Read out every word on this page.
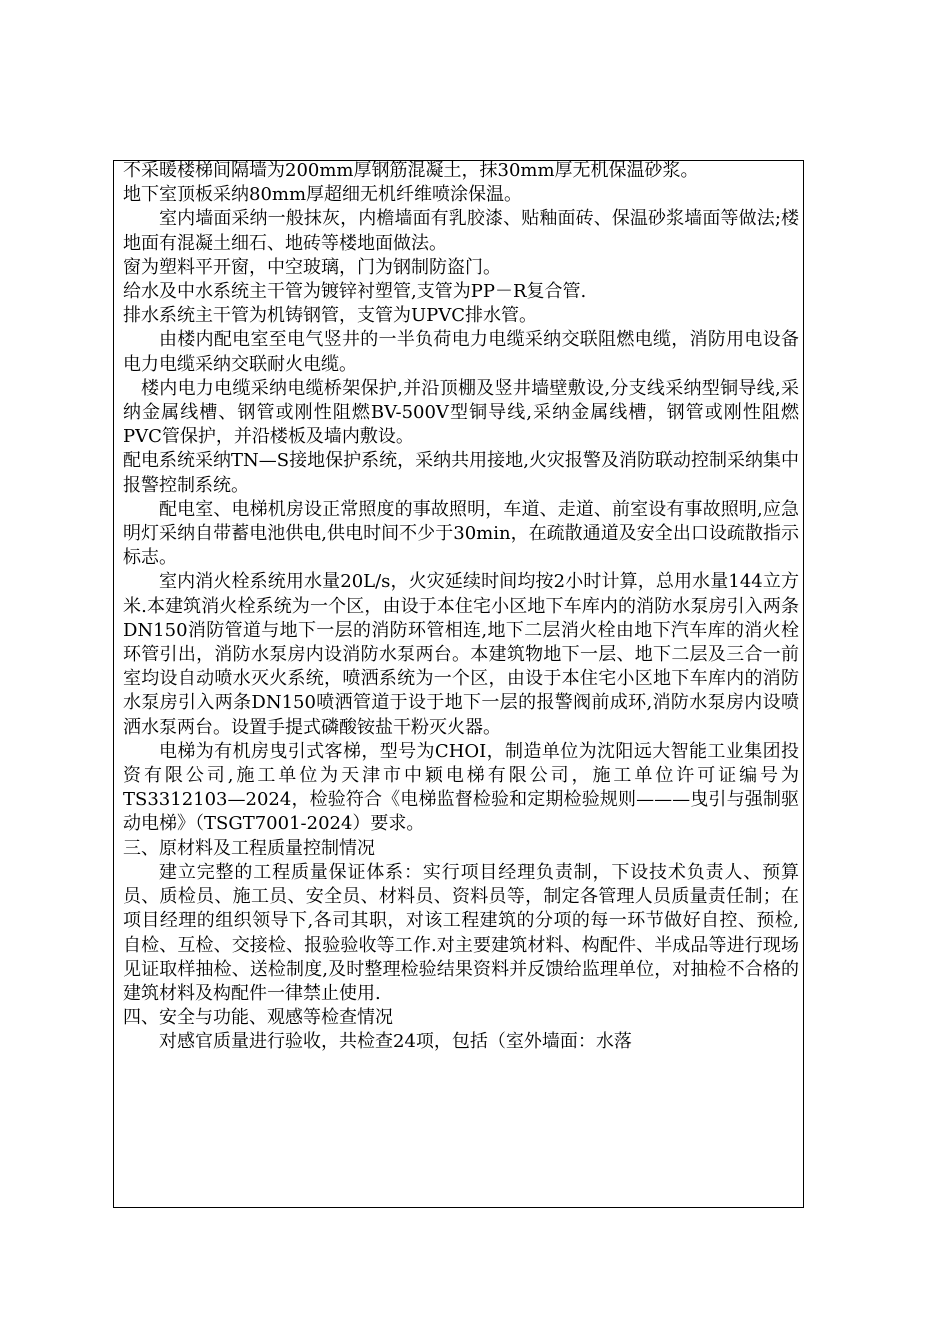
不采暖楼梯间隔墙为200mm厚钢筋混凝土，抹30mm厚无机保温砂浆。

地下室顶板采纳80mm厚超细无机纤维喷涂保温。

室内墙面采纳一般抹灰，内檐墙面有乳胶漆、贴釉面砖、保温砂浆墙面等做法;楼地面有混凝土细石、地砖等楼地面做法。

窗为塑料平开窗，中空玻璃，门为钢制防盗门。

给水及中水系统主干管为镀锌衬塑管,支管为PP－R复合管.

排水系统主干管为机铸钢管，支管为UPVC排水管。

由楼内配电室至电气竖井的一半负荷电力电缆采纳交联阻燃电缆，消防用电设备电力电缆采纳交联耐火电缆。

楼内电力电缆采纳电缆桥架保护,并沿顶棚及竖井墙壁敷设,分支线采纳型铜导线,采纳金属线槽、钢管或刚性阻燃BV-500V型铜导线,采纳金属线槽，钢管或刚性阻燃PVC管保护，并沿楼板及墙内敷设。

配电系统采纳TN—S接地保护系统，采纳共用接地,火灾报警及消防联动控制采纳集中报警控制系统。

配电室、电梯机房设正常照度的事故照明，车道、走道、前室设有事故照明,应急明灯采纳自带蓄电池供电,供电时间不少于30min，在疏散通道及安全出口设疏散指示标志。

室内消火栓系统用水量20L/s，火灾延续时间均按2小时计算，总用水量144立方米.本建筑消火栓系统为一个区，由设于本住宅小区地下车库内的消防水泵房引入两条DN150消防管道与地下一层的消防环管相连,地下二层消火栓由地下汽车库的消火栓环管引出，消防水泵房内设消防水泵两台。本建筑物地下一层、地下二层及三合一前室均设自动喷水灭火系统，喷洒系统为一个区，由设于本住宅小区地下车库内的消防水泵房引入两条DN150喷洒管道于设于地下一层的报警阀前成环,消防水泵房内设喷洒水泵两台。设置手提式磷酸铵盐干粉灭火器。

电梯为有机房曳引式客梯，型号为CHOI，制造单位为沈阳远大智能工业集团投资有限公司,施工单位为天津市中颖电梯有限公司，施工单位许可证编号为TS3312103—2024，检验符合《电梯监督检验和定期检验规则———曳引与强制驱动电梯》（TSGT7001-2024）要求。

三、原材料及工程质量控制情况

建立完整的工程质量保证体系：实行项目经理负责制，下设技术负责人、预算员、质检员、施工员、安全员、材料员、资料员等，制定各管理人员质量责任制；在项目经理的组织领导下,各司其职，对该工程建筑的分项的每一环节做好自控、预检,自检、互检、交接检、报验验收等工作.对主要建筑材料、构配件、半成品等进行现场见证取样抽检、送检制度,及时整理检验结果资料并反馈给监理单位，对抽检不合格的建筑材料及构配件一律禁止使用.

四、安全与功能、观感等检查情况

对感官质量进行验收，共检查24项，包括（室外墙面：水落
